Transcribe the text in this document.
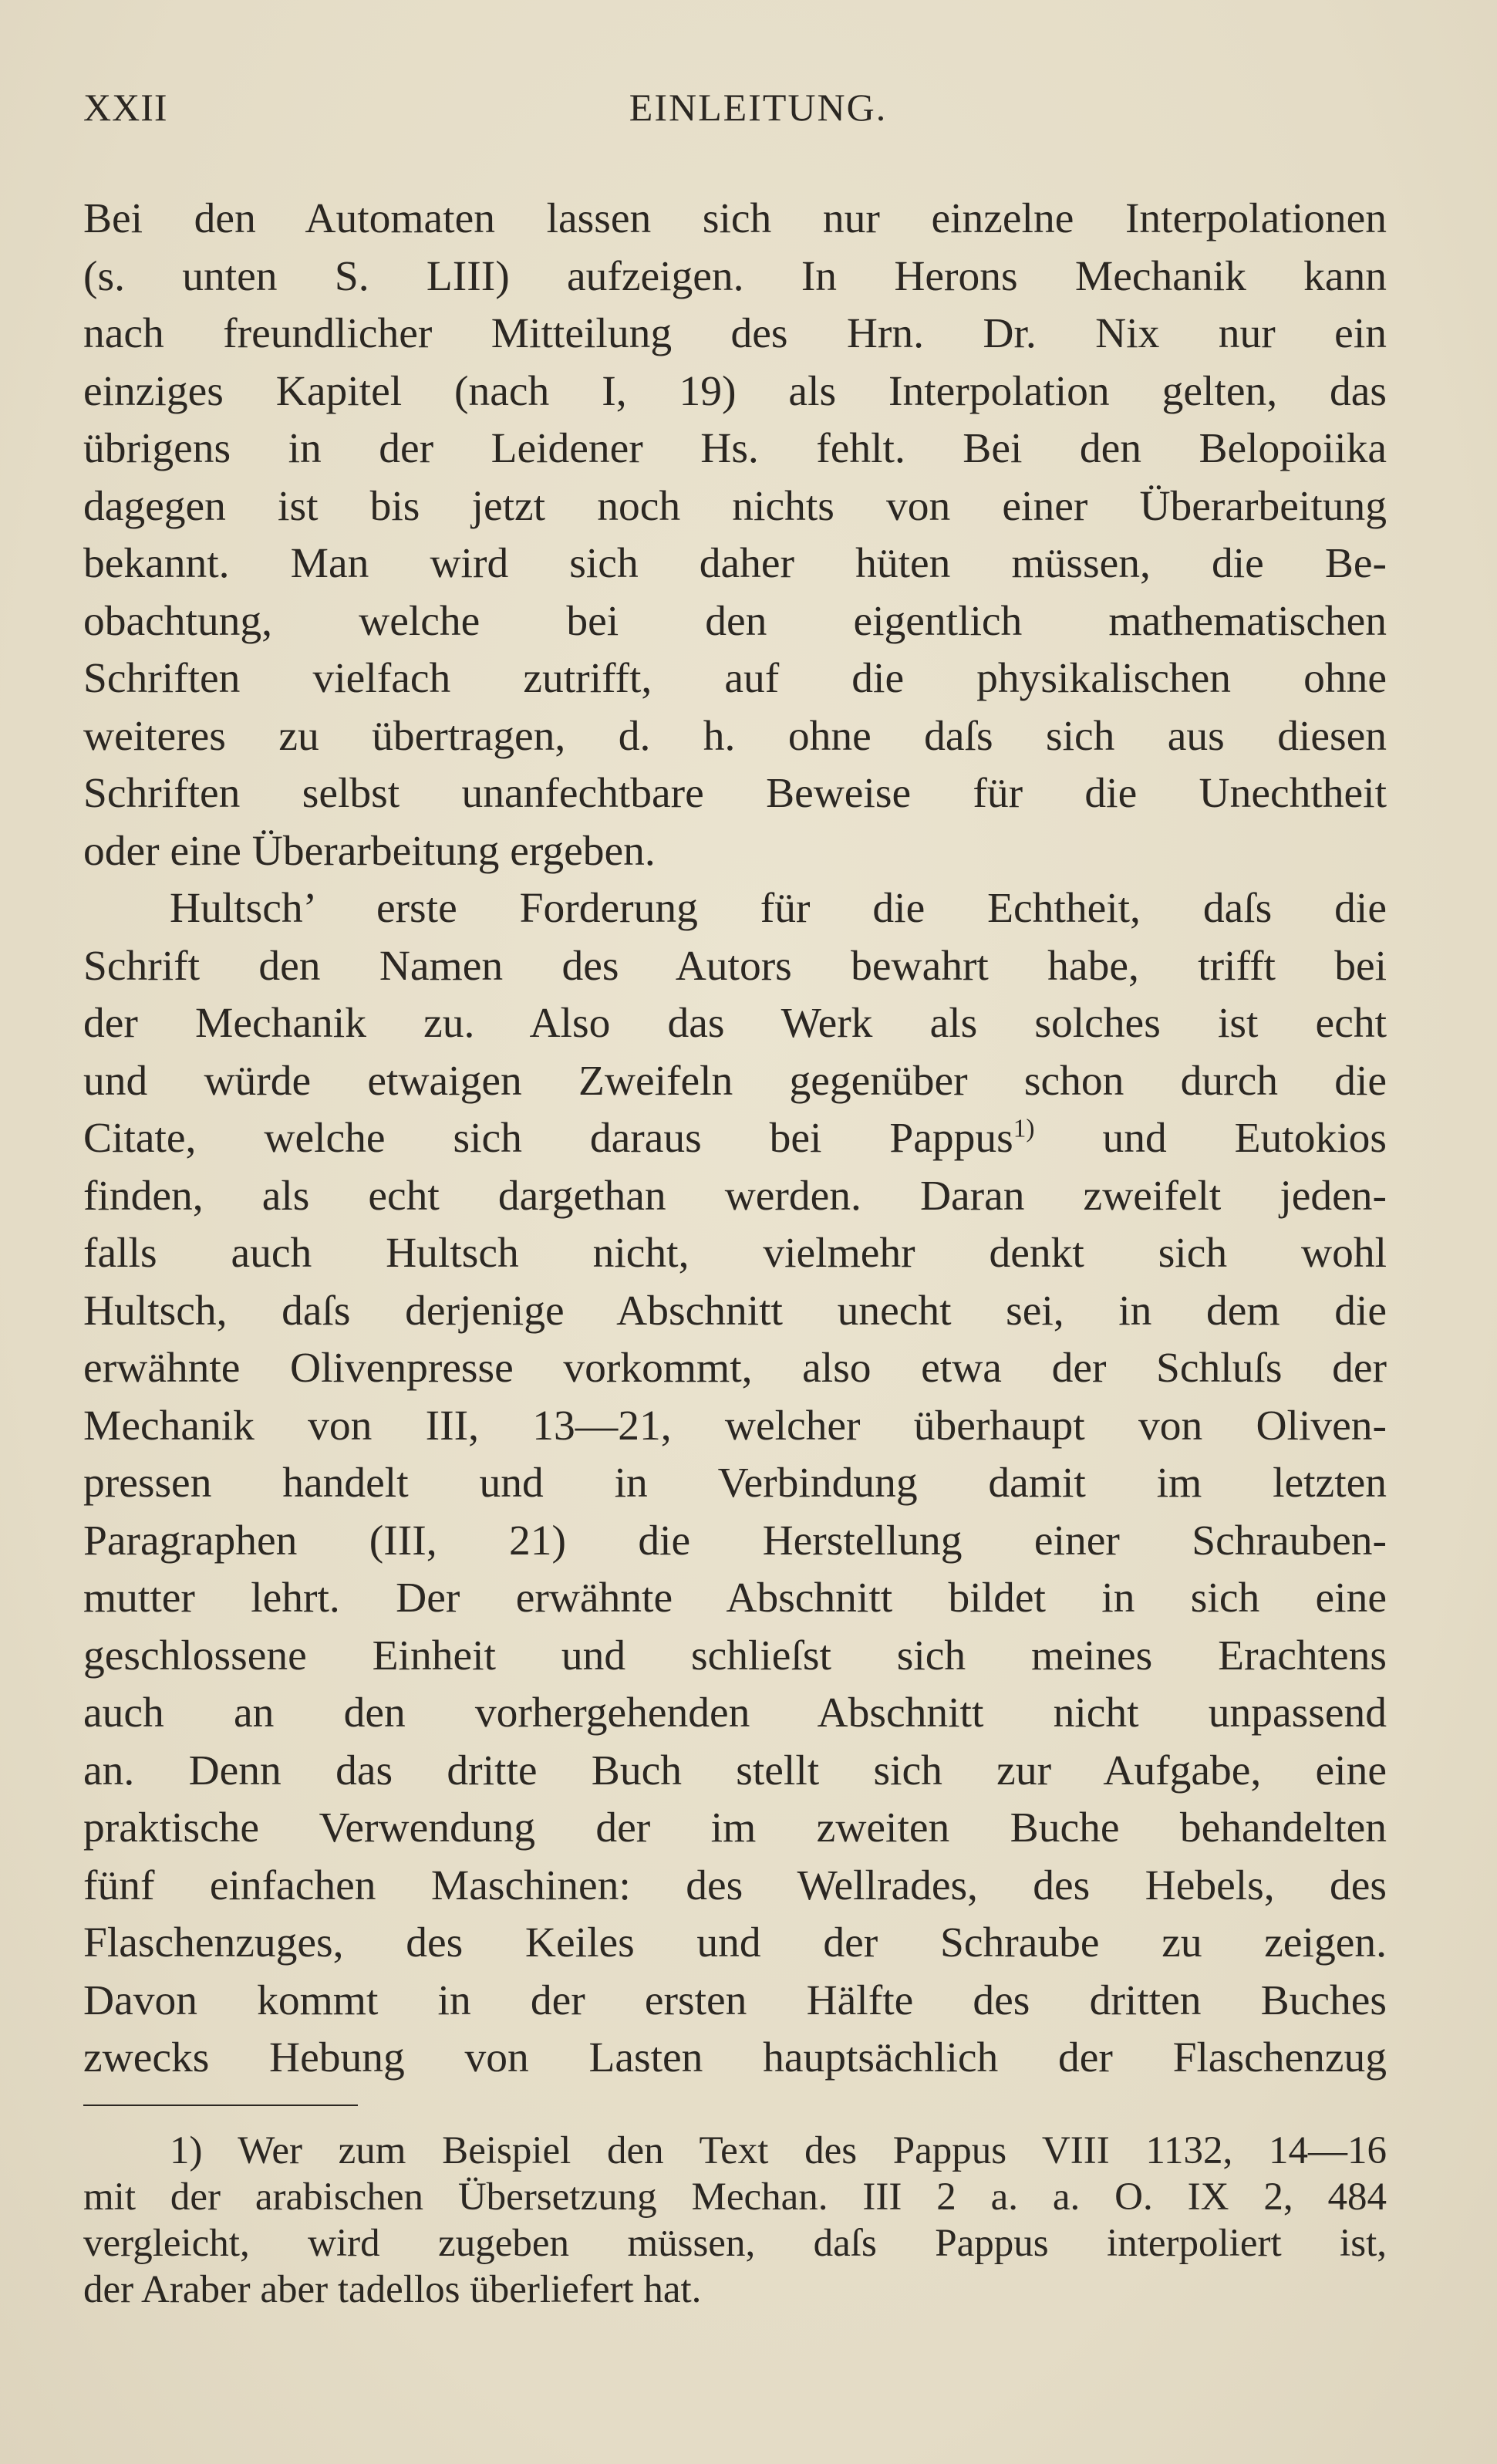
XXII	EINLEITUNG.
Bei den Automaten lassen sich nur einzelne Interpolationen
(s. unten S. LIII) aufzeigen. In Herons Mechanik kann
nach freundlicher Mitteilung des Hrn. Dr. Nix nur ein
einziges Kapitel (nach I, 19) als Interpolation gelten, das
übrigens in der Leidener Hs. fehlt. Bei den Belopoiika
dagegen ist bis jetzt noch nichts von einer Überarbeitung
bekannt. Man wird sich daher hüten müssen, die Be-
obachtung, welche bei den eigentlich mathematischen
Schriften vielfach zutrifft, auf die physikalischen ohne
weiteres zu übertragen, d. h. ohne daſs sich aus diesen
Schriften selbst unanfechtbare Beweise für die Unechtheit
oder eine Überarbeitung ergeben.
Hultsch’ erste Forderung für die Echtheit, daſs die
Schrift den Namen des Autors bewahrt habe, trifft bei
der Mechanik zu. Also das Werk als solches ist echt
und würde etwaigen Zweifeln gegenüber schon durch die
Citate, welche sich daraus bei Pappus$^{1)}$ und Eutokios
finden, als echt dargethan werden. Daran zweifelt jeden-
falls auch Hultsch nicht, vielmehr denkt sich wohl
Hultsch, daſs derjenige Abschnitt unecht sei, in dem die
erwähnte Olivenpresse vorkommt, also etwa der Schluſs der
Mechanik von III, 13—21, welcher überhaupt von Oliven-
pressen handelt und in Verbindung damit im letzten
Paragraphen (III, 21) die Herstellung einer Schrauben-
mutter lehrt. Der erwähnte Abschnitt bildet in sich eine
geschlossene Einheit und schlieſst sich meines Erachtens
auch an den vorhergehenden Abschnitt nicht unpassend
an. Denn das dritte Buch stellt sich zur Aufgabe, eine
praktische Verwendung der im zweiten Buche behandelten
fünf einfachen Maschinen: des Wellrades, des Hebels, des
Flaschenzuges, des Keiles und der Schraube zu zeigen.
Davon kommt in der ersten Hälfte des dritten Buches
zwecks Hebung von Lasten hauptsächlich der Flaschenzug
1) Wer zum Beispiel den Text des Pappus VIII 1132, 14—16
mit der arabischen Übersetzung Mechan. III 2 a. a. O. IX 2, 484
vergleicht, wird zugeben müssen, daſs Pappus interpoliert ist,
der Araber aber tadellos überliefert hat.
